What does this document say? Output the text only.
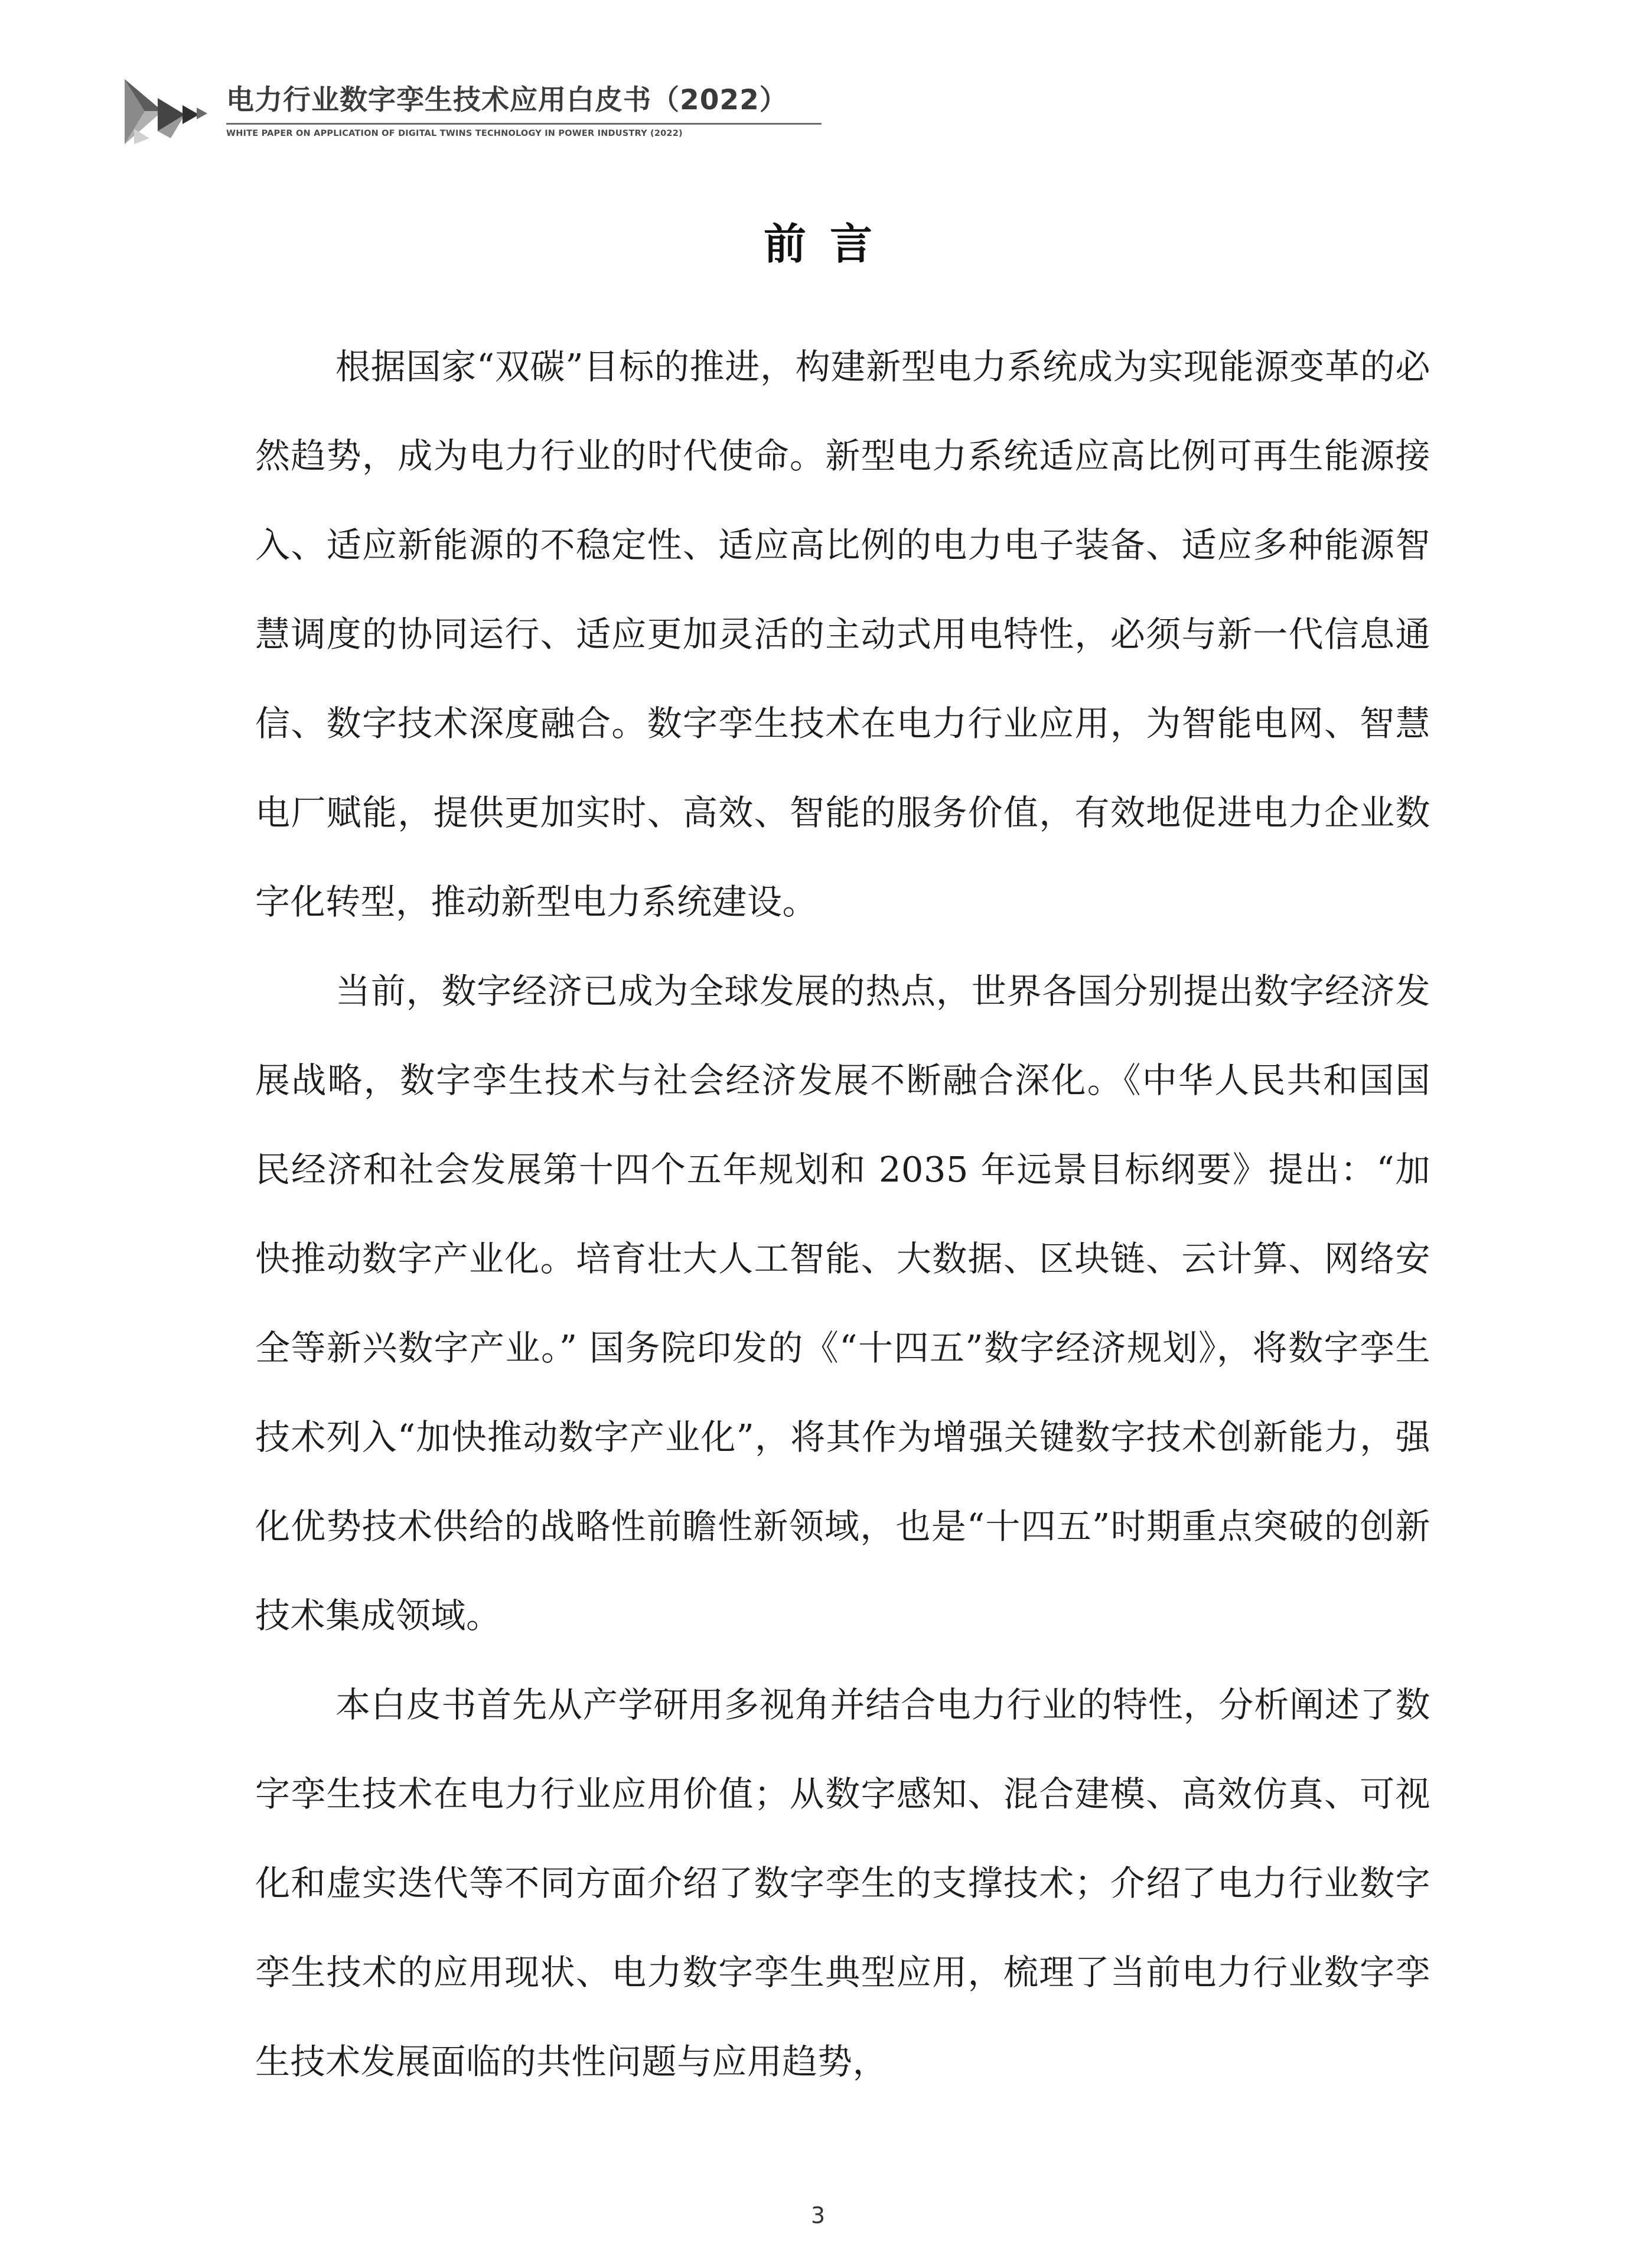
电力行业数字孪生技术应用白皮书（2022）
WHITE PAPER ON APPLICATION OF DIGITAL TWINS TECHNOLOGY IN POWER INDUSTRY (2022)
前言

根据国家“双碳”目标的推进，构建新型电力系统成为实现能源变革的必然趋势，成为电力行业的时代使命。新型电力系统适应高比例可再生能源接入、适应新能源的不稳定性、适应高比例的电力电子装备、适应多种能源智慧调度的协同运行、适应更加灵活的主动式用电特性，必须与新一代信息通信、数字技术深度融合。数字孪生技术在电力行业应用，为智能电网、智慧电厂赋能，提供更加实时、高效、智能的服务价值，有效地促进电力企业数字化转型，推动新型电力系统建设。

当前，数字经济已成为全球发展的热点，世界各国分别提出数字经济发展战略，数字孪生技术与社会经济发展不断融合深化。《中华人民共和国国民经济和社会发展第十四个五年规划和 2035 年远景目标纲要》提出：“加快推动数字产业化。培育壮大人工智能、大数据、区块链、云计算、网络安全等新兴数字产业。” 国务院印发的《“十四五”数字经济规划》，将数字孪生技术列入“加快推动数字产业化”，将其作为增强关键数字技术创新能力，强化优势技术供给的战略性前瞻性新领域，也是“十四五”时期重点突破的创新技术集成领域。

本白皮书首先从产学研用多视角并结合电力行业的特性，分析阐述了数字孪生技术在电力行业应用价值；从数字感知、混合建模、高效仿真、可视化和虚实迭代等不同方面介绍了数字孪生的支撑技术；介绍了电力行业数字孪生技术的应用现状、电力数字孪生典型应用，梳理了当前电力行业数字孪生技术发展面临的共性问题与应用趋势，

3
